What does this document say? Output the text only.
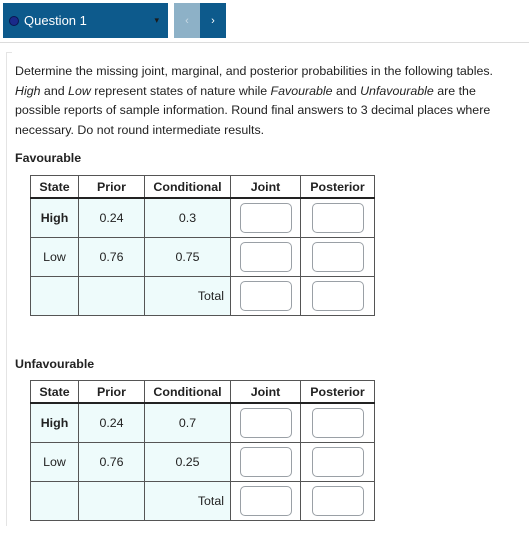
Question 1	▾ ‹ ›
Determine the missing joint, marginal, and posterior probabilities in the following tables. High and Low represent states of nature while Favourable and Unfavourable are the possible reports of sample information. Round final answers to 3 decimal places where necessary. Do not round intermediate results.
Favourable
State	Prior	Conditional	Joint	Posterior
High	0.24	0.3	

Low	0.76	0.75	

		Total	

Unfavourable
State	Prior	Conditional	Joint	Posterior
High	0.24	0.7	

Low	0.76	0.25	

		Total	
